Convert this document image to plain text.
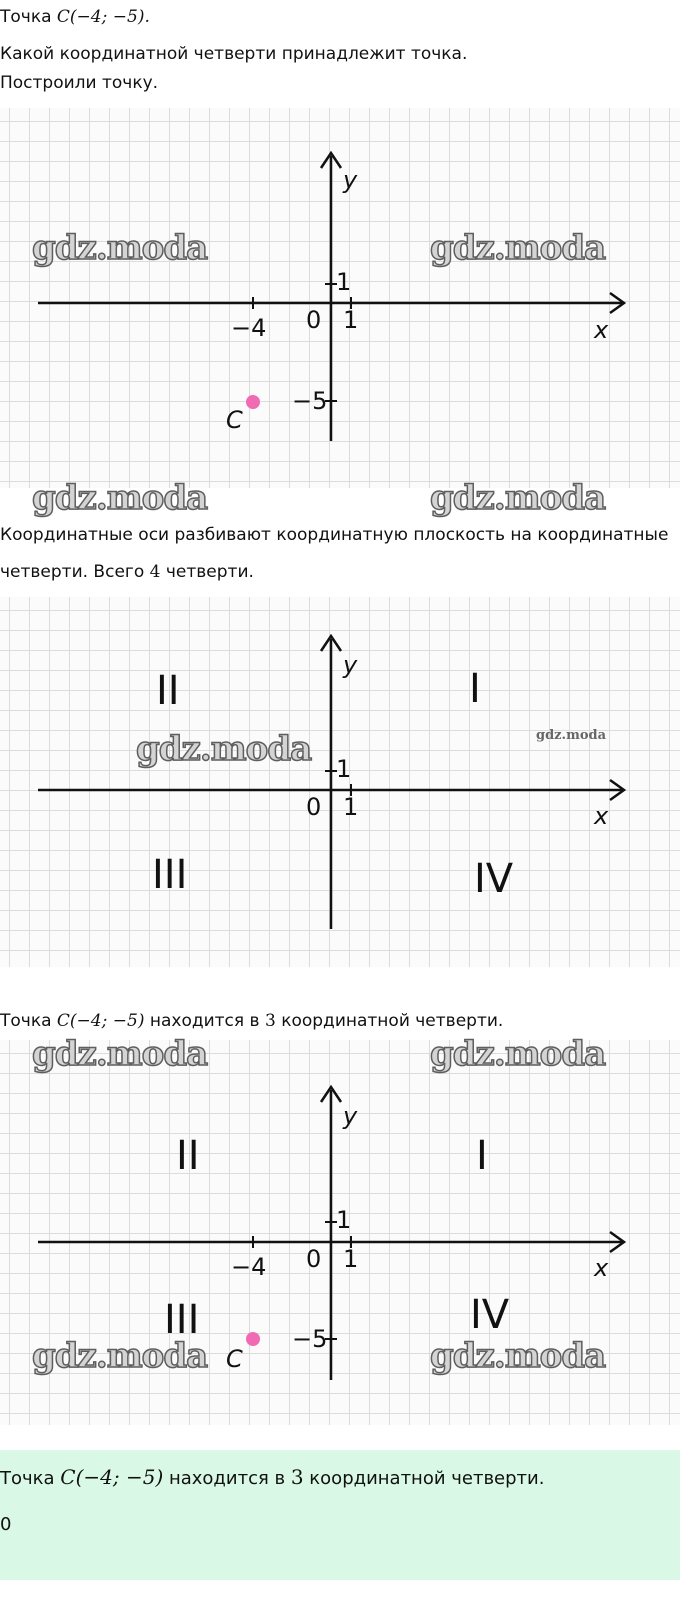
Точка C(−4; −5).
Какой координатной четверти принадлежит точка.
Построили точку.
gdz.moda	gdz.moda
y
x
1
1
0
−4
−5
C
gdz.moda	gdz.moda
Координатные оси разбивают координатную плоскость на координатные
четверти. Всего 4 четверти.
y
x
1
1
0
II	I
III	IV
gdz.moda	gdz.moda
Точка C(−4; −5) находится в 3 координатной четверти.
gdz.moda	gdz.moda
y
x
1
1
0
−4
−5
II	I
III	IV
C
gdz.moda	gdz.moda
Точка C(−4; −5) находится в 3 координатной четверти.
0
